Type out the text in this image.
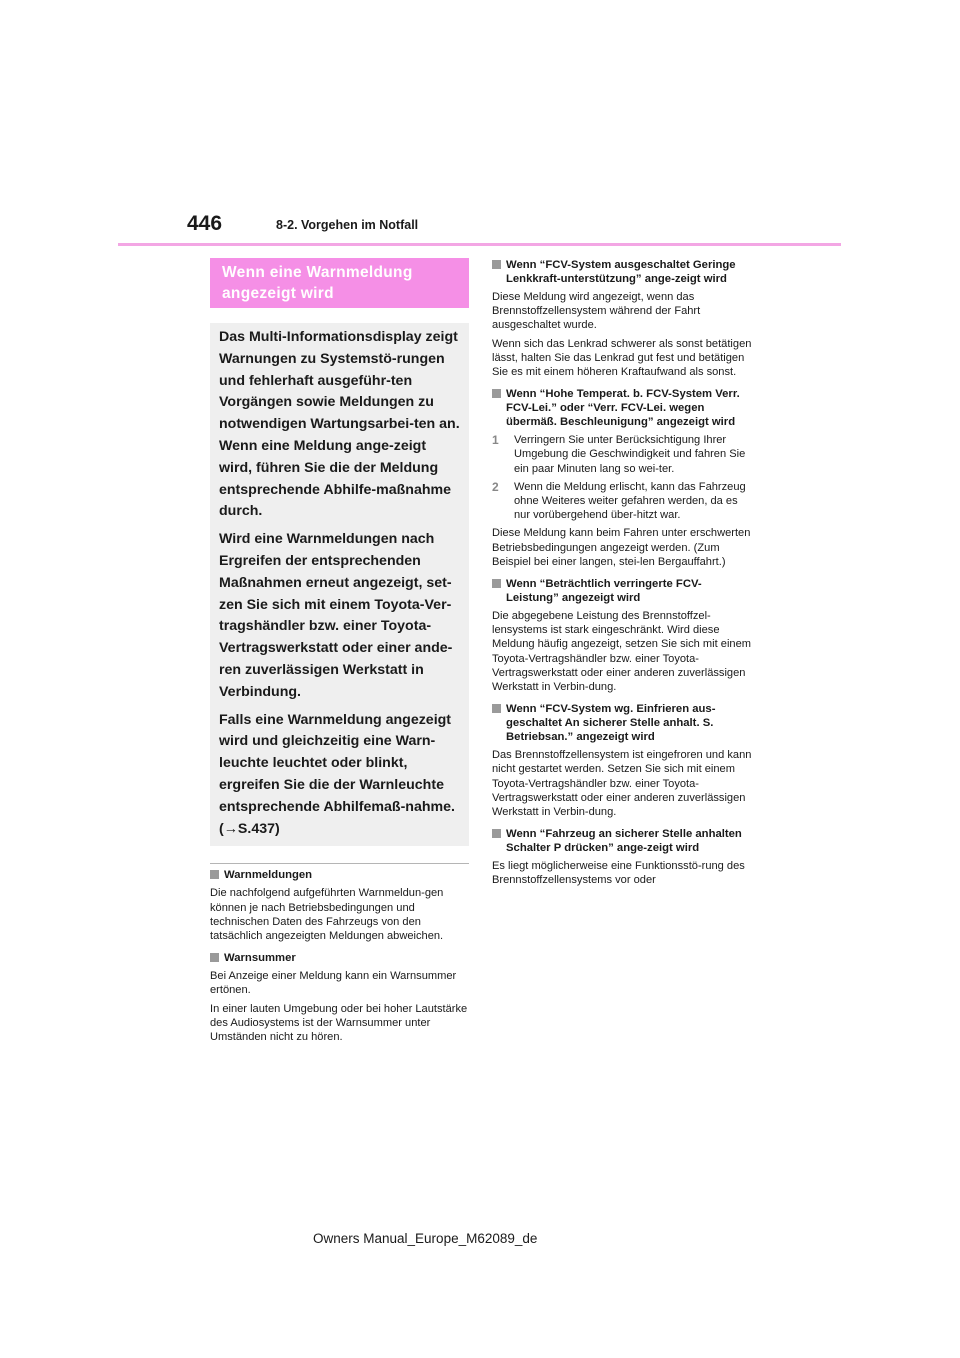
446	8-2. Vorgehen im Notfall
Wenn eine Warnmeldung angezeigt wird

Das Multi-Informationsdisplay zeigt Warnungen zu Systemstö-rungen und fehlerhaft ausgeführ-ten Vorgängen sowie Meldungen zu notwendigen Wartungsarbei-ten an. Wenn eine Meldung ange-zeigt wird, führen Sie die der Meldung entsprechende Abhilfe-maßnahme durch.

Wird eine Warnmeldungen nach Ergreifen der entsprechenden Maßnahmen erneut angezeigt, set-zen Sie sich mit einem Toyota-Ver-tragshändler bzw. einer Toyota-Vertragswerkstatt oder einer ande-ren zuverlässigen Werkstatt in Verbindung.

Falls eine Warnmeldung angezeigt wird und gleichzeitig eine Warn-leuchte leuchtet oder blinkt, ergreifen Sie die der Warnleuchte entsprechende Abhilfemaß-nahme. (→S.437)

Warnmeldungen

Die nachfolgend aufgeführten Warnmeldun-gen können je nach Betriebsbedingungen und technischen Daten des Fahrzeugs von den tatsächlich angezeigten Meldungen abweichen.

Warnsummer

Bei Anzeige einer Meldung kann ein Warnsummer ertönen.

In einer lauten Umgebung oder bei hoher Lautstärke des Audiosystems ist der Warnsummer unter Umständen nicht zu hören.

Wenn “FCV-System ausgeschaltet Geringe Lenkkraft-unterstützung” ange-zeigt wird

Diese Meldung wird angezeigt, wenn das Brennstoffzellensystem während der Fahrt ausgeschaltet wurde.

Wenn sich das Lenkrad schwerer als sonst betätigen lässt, halten Sie das Lenkrad gut fest und betätigen Sie es mit einem höheren Kraftaufwand als sonst.

Wenn “Hohe Temperat. b. FCV-System Verr. FCV-Lei.” oder “Verr. FCV-Lei. wegen übermäß. Beschleunigung” angezeigt wird
1 Verringern Sie unter Berücksichtigung Ihrer Umgebung die Geschwindigkeit und fahren Sie ein paar Minuten lang so wei-ter.
2 Wenn die Meldung erlischt, kann das Fahrzeug ohne Weiteres weiter gefahren werden, da es nur vorübergehend über-hitzt war.

Diese Meldung kann beim Fahren unter erschwerten Betriebsbedingungen angezeigt werden. (Zum Beispiel bei einer langen, stei-len Bergauffahrt.)

Wenn “Beträchtlich verringerte FCV-Leistung” angezeigt wird

Die abgegebene Leistung des Brennstoffzel-lensystems ist stark eingeschränkt. Wird diese Meldung häufig angezeigt, setzen Sie sich mit einem Toyota-Vertragshändler bzw. einer Toyota-Vertragswerkstatt oder einer anderen zuverlässigen Werkstatt in Verbin-dung.

Wenn “FCV-System wg. Einfrieren aus-geschaltet An sicherer Stelle anhalt. S. Betriebsan.” angezeigt wird

Das Brennstoffzellensystem ist eingefroren und kann nicht gestartet werden. Setzen Sie sich mit einem Toyota-Vertragshändler bzw. einer Toyota-Vertragswerkstatt oder einer anderen zuverlässigen Werkstatt in Verbin-dung.

Wenn “Fahrzeug an sicherer Stelle anhalten Schalter P drücken” ange-zeigt wird

Es liegt möglicherweise eine Funktionsstö-rung des Brennstoffzellensystems vor oder

Owners Manual_Europe_M62089_de
